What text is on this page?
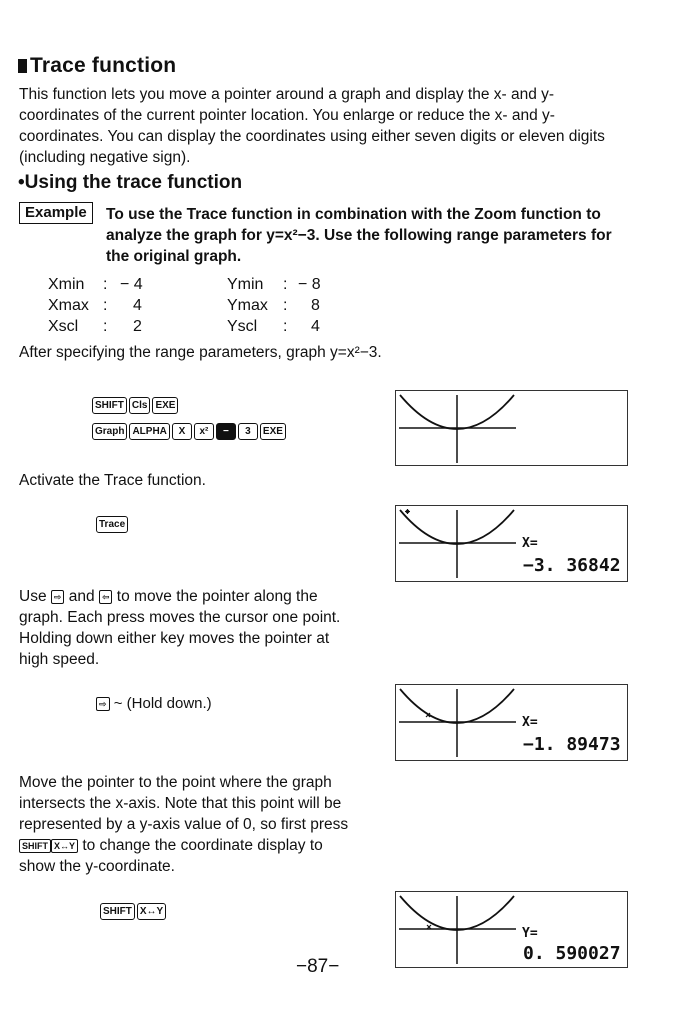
Trace function
This function lets you move a pointer around a graph and display the x- and y-coordinates of the current pointer location. You enlarge or reduce the x- and y-coordinates. You can display the coordinates using either seven digits or eleven digits (including negative sign).
•Using the trace function
Example	To use the Trace function in combination with the Zoom function to analyze the graph for y=x²−3. Use the following range parameters for the original graph.
Xmin : − 4
Xmax : 4
Xscl : 2
Ymin : − 8
Ymax : 8
Yscl : 4
After specifying the range parameters, graph y=x²−3.
SHIFT Cls EXE
Graph ALPHA	X	x²	−	3	EXE
Activate the Trace function.
Trace
Use ⇨ and ⇦ to move the pointer along the graph. Each press moves the cursor one point. Holding down either key moves the pointer at high speed.
⇨ ~ (Hold down.)
Move the pointer to the point where the graph intersects the x-axis. Note that this point will be represented by a y-axis value of 0, so first press SHIFT X↔Y to change the coordinate display to show the y-coordinate.
SHIFT X↔Y
X=
−3. 36842
X=
−1. 89473
Y=
0. 590027
−87−
